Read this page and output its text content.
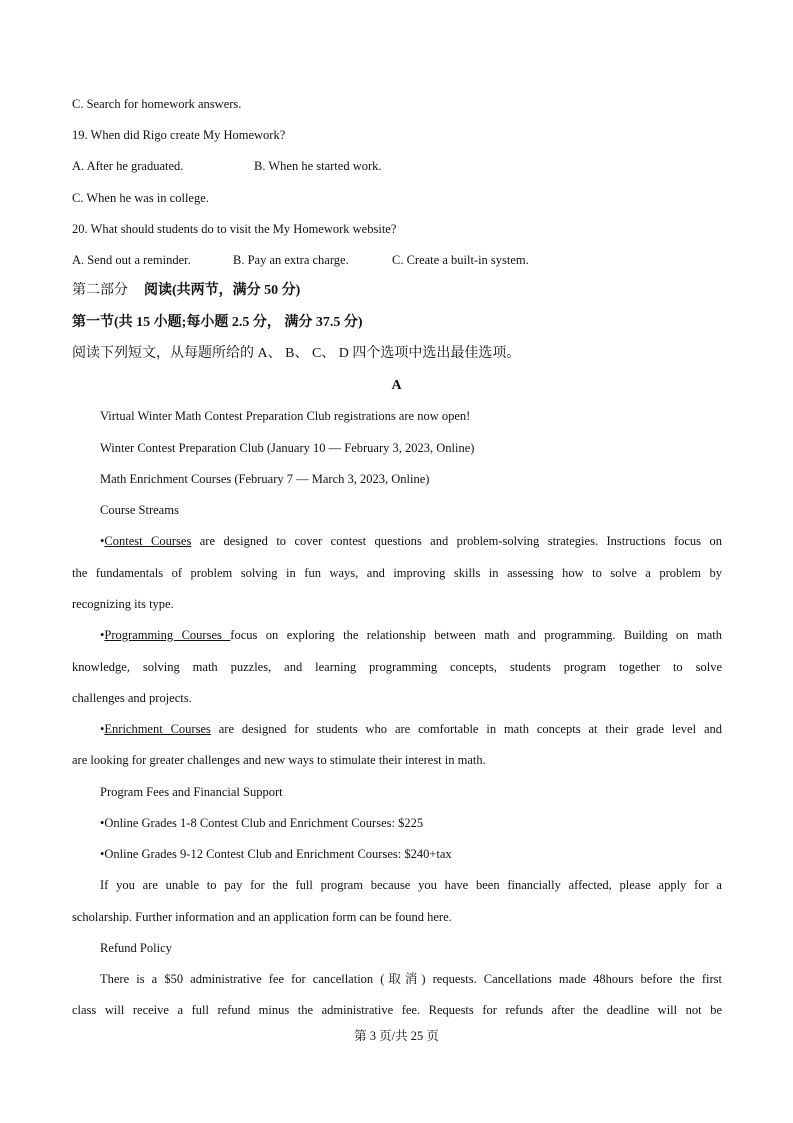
C. Search for homework answers.
19. When did Rigo create My Homework?
A. After he graduated.	B. When he started work.
C. When he was in college.
20. What should students do to visit the My Homework website?
A. Send out a reminder.	B. Pay an extra charge.	C. Create a built-in system.
第二部分 阅读(共两节，满分 50 分)
第一节(共 15 小题;每小题 2.5 分， 满分 37.5 分)
阅读下列短文，从每题所给的 A、 B、 C、 D 四个选项中选出最佳选项。
A
Virtual Winter Math Contest Preparation Club registrations are now open!
Winter Contest Preparation Club (January 10 — February 3, 2023, Online)
Math Enrichment Courses (February 7 — March 3, 2023, Online)
Course Streams
•Contest Courses are designed to cover contest questions and problem-solving strategies. Instructions focus on
the fundamentals of problem solving in fun ways, and improving skills in assessing how to solve a problem by
recognizing its type.
•Programming Courses focus on exploring the relationship between math and programming. Building on math
knowledge, solving math puzzles, and learning programming concepts, students program together to solve
challenges and projects.
•Enrichment Courses are designed for students who are comfortable in math concepts at their grade level and
are looking for greater challenges and new ways to stimulate their interest in math.
Program Fees and Financial Support
•Online Grades 1-8 Contest Club and Enrichment Courses: $225
•Online Grades 9-12 Contest Club and Enrichment Courses: $240+tax
If you are unable to pay for the full program because you have been financially affected, please apply for a
scholarship. Further information and an application form can be found here.
Refund Policy
There is a $50 administrative fee for cancellation (取消) requests. Cancellations made 48hours before the first
class will receive a full refund minus the administrative fee. Requests for refunds after the deadline will not be
第 3 页/共 25 页
